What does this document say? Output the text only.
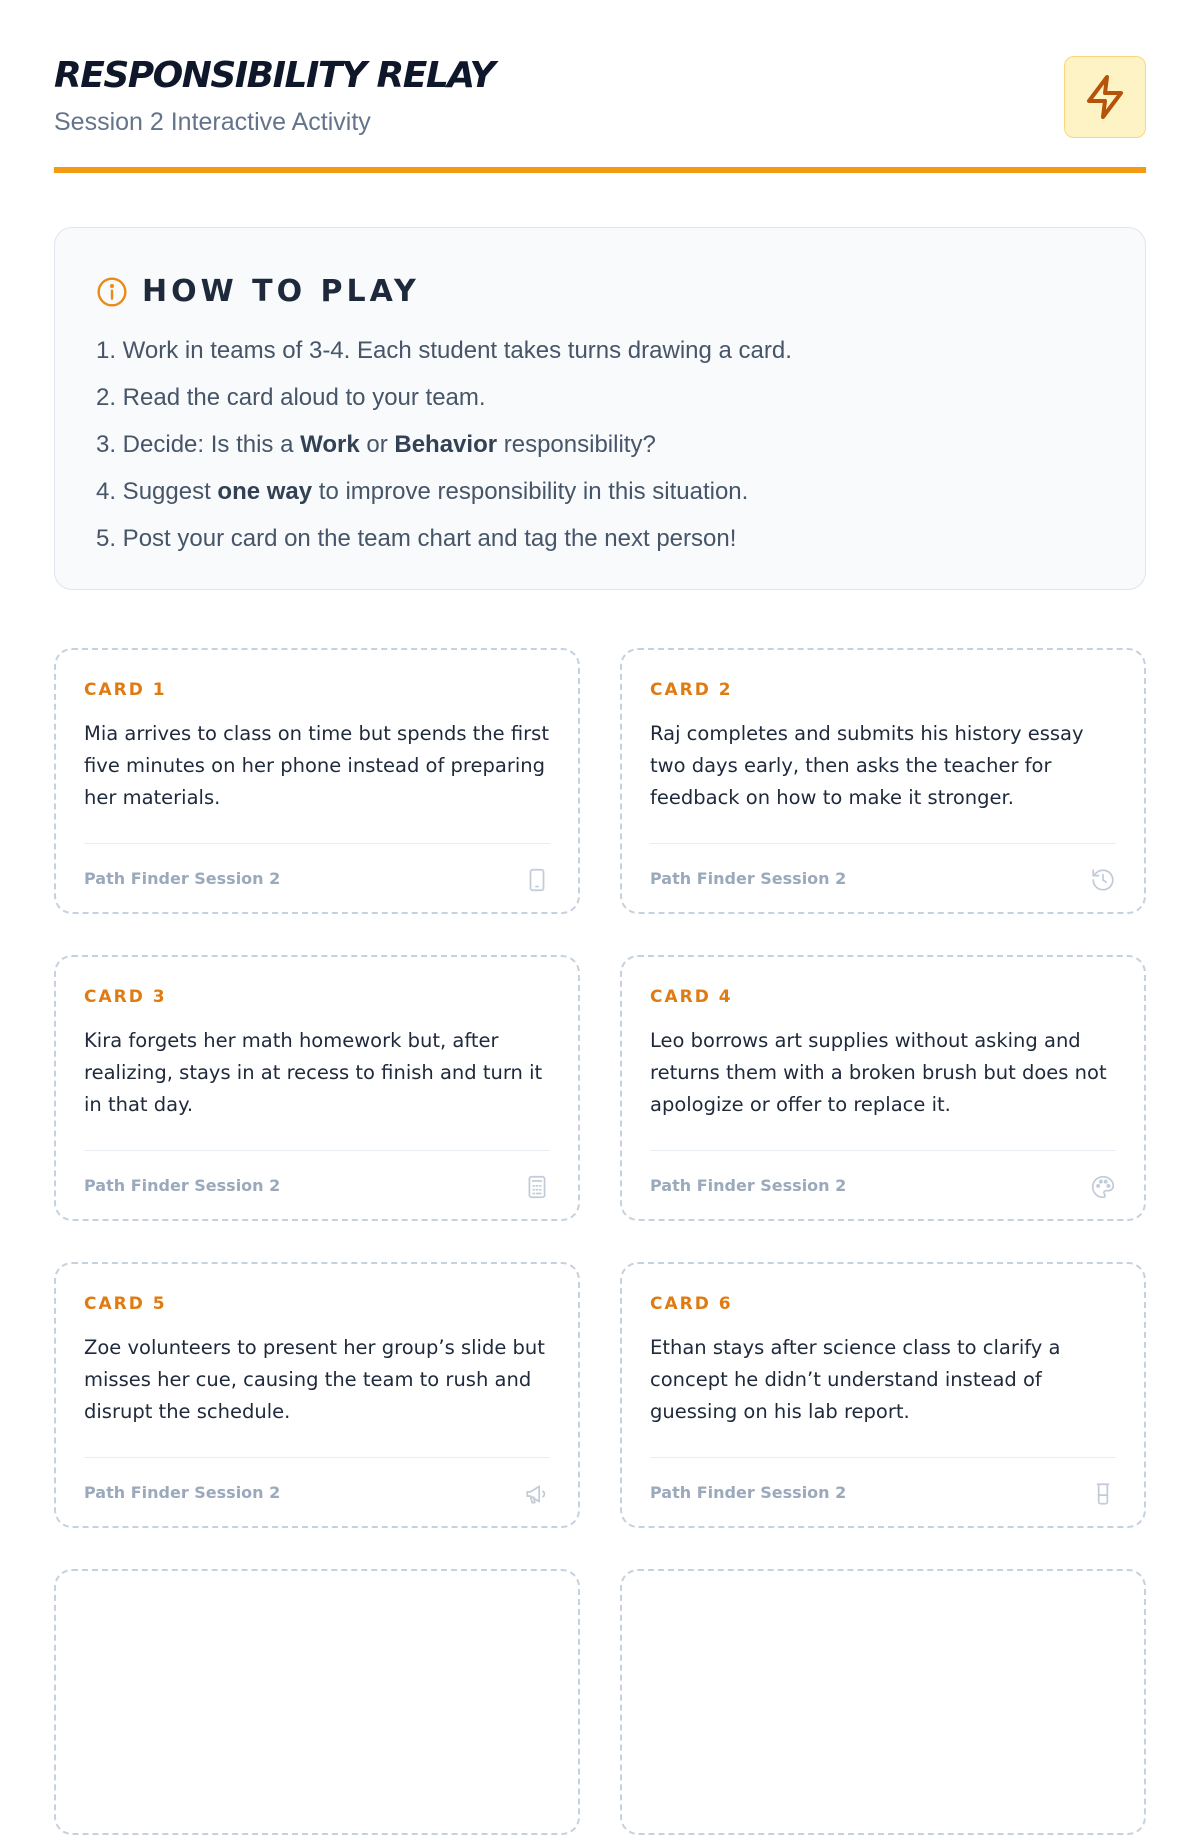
RESPONSIBILITY RELAY

Session 2 Interactive Activity

HOW TO PLAY
1. Work in teams of 3-4. Each student takes turns drawing a card.
2. Read the card aloud to your team.
3. Decide: Is this a Work or Behavior responsibility?
4. Suggest one way to improve responsibility in this situation.
5. Post your card on the team chart and tag the next person!
CARD 1

Mia arrives to class on time but spends the first five minutes on her phone instead of preparing her materials.

Path Finder Session 2
CARD 2

Raj completes and submits his history essay two days early, then asks the teacher for feedback on how to make it stronger.

Path Finder Session 2
CARD 3

Kira forgets her math homework but, after realizing, stays in at recess to finish and turn it in that day.

Path Finder Session 2
CARD 4

Leo borrows art supplies without asking and returns them with a broken brush but does not apologize or offer to replace it.

Path Finder Session 2
CARD 5

Zoe volunteers to present her group’s slide but misses her cue, causing the team to rush and disrupt the schedule.

Path Finder Session 2
CARD 6

Ethan stays after science class to clarify a concept he didn’t understand instead of guessing on his lab report.

Path Finder Session 2
